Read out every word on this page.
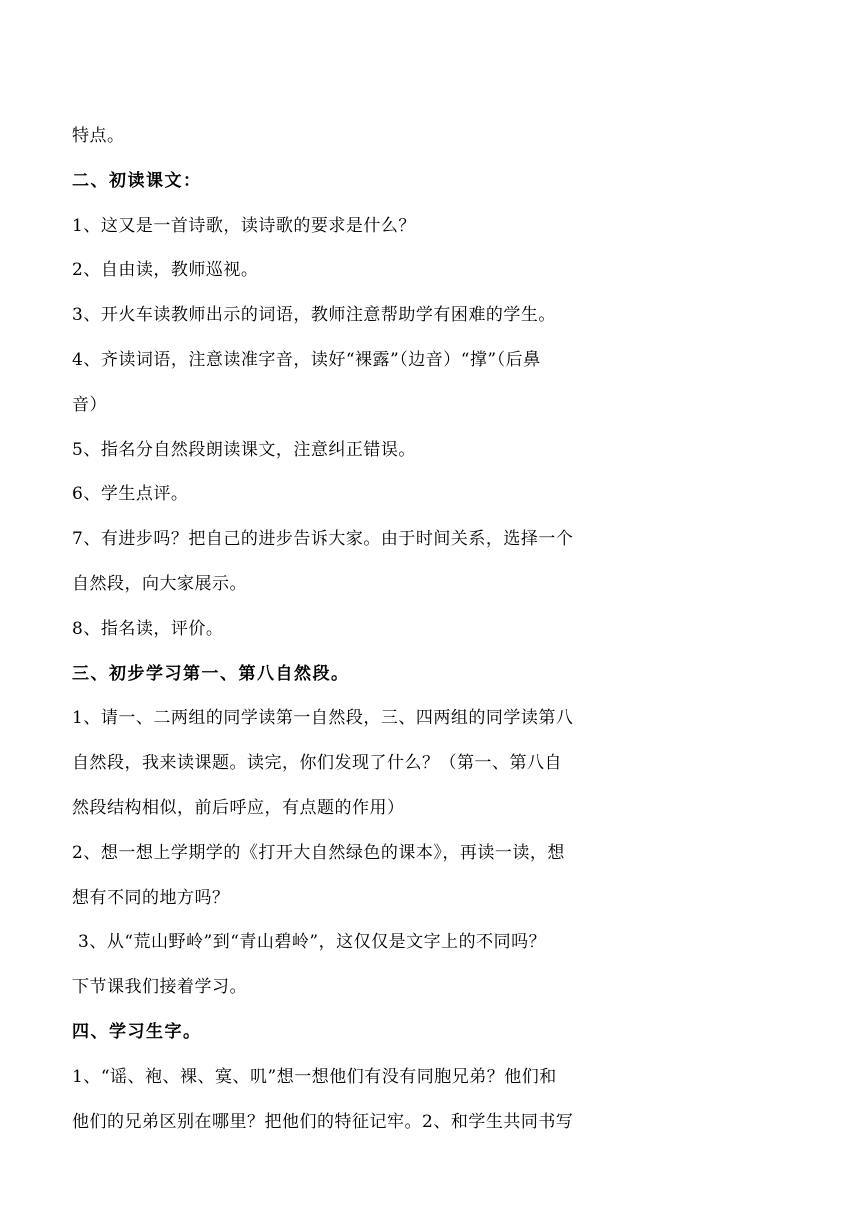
特点。
二、初读课文：
1、这又是一首诗歌，读诗歌的要求是什么？
2、自由读，教师巡视。
3、开火车读教师出示的词语，教师注意帮助学有困难的学生。
4、齐读词语，注意读准字音，读好“裸露”（边音）“撑”（后鼻
音）
5、指名分自然段朗读课文，注意纠正错误。
6、学生点评。
7、有进步吗？把自己的进步告诉大家。由于时间关系，选择一个
自然段，向大家展示。
8、指名读，评价。
三、初步学习第一、第八自然段。
1、请一、二两组的同学读第一自然段，三、四两组的同学读第八
自然段，我来读课题。读完，你们发现了什么？（第一、第八自
然段结构相似，前后呼应，有点题的作用）
2、想一想上学期学的《打开大自然绿色的课本》，再读一读，想
想有不同的地方吗？
3、从“荒山野岭”到“青山碧岭”，这仅仅是文字上的不同吗？
下节课我们接着学习。
四、学习生字。
1、“谣、袍、裸、寞、叽”想一想他们有没有同胞兄弟？他们和
他们的兄弟区别在哪里？把他们的特征记牢。2、和学生共同书写
